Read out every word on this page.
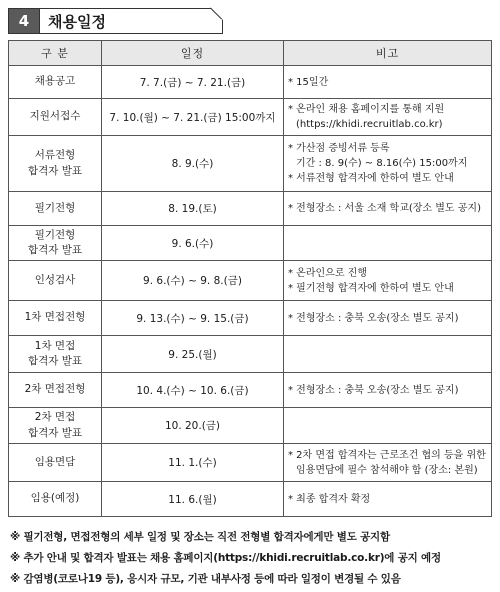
4	채용일정
구 분	일정	비고
채용공고	7. 7.(금) ~ 7. 21.(금)	* 15일간

지원서접수	7. 10.(월) ~ 7. 21.(금) 15:00까지	* 온라인 채용 홈페이지를 통해 지원
(https://khidi.recruitlab.co.kr)

서류전형
합격자 발표	8. 9.(수)	* 가산점 증빙서류 등록
기간 : 8. 9(수) ~ 8.16(수) 15:00까지
* 서류전형 합격자에 한하여 별도 안내

필기전형	8. 19.(토)	* 전형장소 : 서울 소재 학교(장소 별도 공지)

필기전형
합격자 발표	9. 6.(수)	
인성검사	9. 6.(수) ~ 9. 8.(금)	* 온라인으로 진행
* 필기전형 합격자에 한하여 별도 안내

1차 면접전형	9. 13.(수) ~ 9. 15.(금)	* 전형장소 : 충북 오송(장소 별도 공지)

1차 면접
합격자 발표	9. 25.(월)	
2차 면접전형	10. 4.(수) ~ 10. 6.(금)	* 전형장소 : 충북 오송(장소 별도 공지)

2차 면접
합격자 발표	10. 20.(금)	
임용면담	11. 1.(수)	* 2차 면접 합격자는 근로조건 협의 등을 위한
임용면담에 필수 참석해야 함 (장소: 본원)

임용(예정)	11. 6.(월)	* 최종 합격자 확정
※ 필기전형, 면접전형의 세부 일정 및 장소는 직전 전형별 합격자에게만 별도 공지함
※ 추가 안내 및 합격자 발표는 채용 홈페이지(https://khidi.recruitlab.co.kr)에 공지 예정
※ 감염병(코로나19 등), 응시자 규모, 기관 내부사정 등에 따라 일정이 변경될 수 있음
